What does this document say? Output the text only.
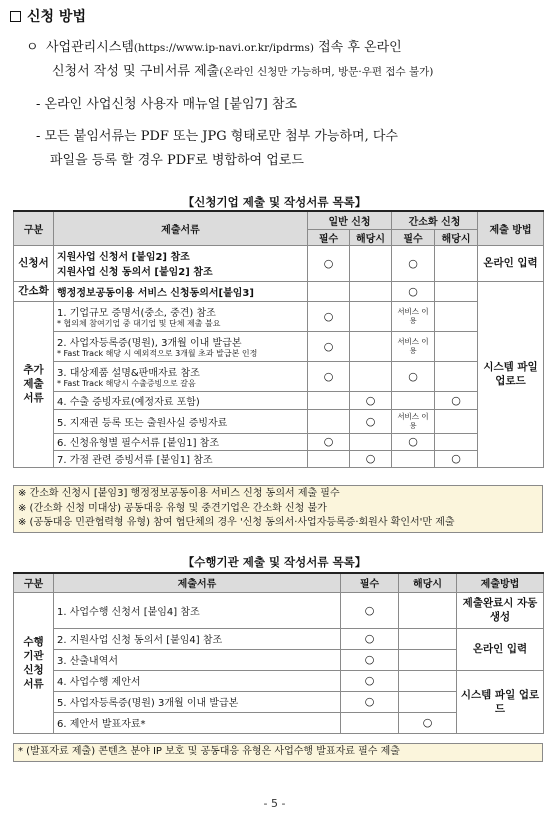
신청 방법
ㅇ 사업관리시스템(https://www.ip-navi.or.kr/ipdrms) 접속 후 온라인
신청서 작성 및 구비서류 제출(온라인 신청만 가능하며, 방문·우편 접수 불가)
- 온라인 사업신청 사용자 매뉴얼 [붙임7] 참조
- 모든 붙임서류는 PDF 또는 JPG 형태로만 첨부 가능하며, 다수
파일을 등록 할 경우 PDF로 병합하여 업로드
【신청기업 제출 및 작성서류 목록】
구분	제출서류	일반 신청		간소화 신청		제출 방법
		필수	해당시	필수	해당시	
신청서	지원사업 신청서 [붙임2] 참조
지원사업 신청 동의서 [붙임2] 참조	○		○		온라인 입력
간소화	행정정보공동이용 서비스 신청동의서[붙임3]			○		시스템 파일 업로드
추가 제출 서류	1. 기업규모 증명서(중소, 중견) 참조
* 협의체 참여기업 중 대기업 및 단체 제출 불요	○		서비스 이용		

	2. 사업자등록증(명원), 3개월 이내 발급본
* Fast Track 해당 시 예외적으로 3개월 초과 발급본 인정	○		서비스 이용		

	3. 대상제품 설명&판매자료 참조
* Fast Track 해당시 수출증빙으로 갈음	○		○		
	4. 수출 증빙자료(예정자료 포함)		○		○	
	5. 지재권 등록 또는 출원사실 증빙자료		○	서비스 이용		
	6. 신청유형별 필수서류 [붙임1] 참조	○		○		
	7. 가점 관련 증빙서류 [붙임1] 참조		○		○	
※ 간소화 신청시 [붙임3] 행정정보공동이용 서비스 신청 동의서 제출 필수
※ (간소화 신청 미대상) 공동대응 유형 및 중견기업은 간소화 신청 불가
※ (공동대응 민관협력형 유형) 참여 협단체의 경우 '신청 동의서·사업자등록증·회원사 확인서'만 제출
【수행기관 제출 및 작성서류 목록】
구분	제출서류	필수	해당시	제출방법
수행 기관 신청 서류	1. 사업수행 신청서 [붙임4] 참조	○		제출완료시 자동생성
	2. 지원사업 신청 동의서 [붙임4] 참조	○		온라인 입력
	3. 산출내역서	○		
	4. 사업수행 제안서	○		시스템 파일 업로드
	5. 사업자등록증(명원) 3개월 이내 발급본	○		
	6. 제안서 발표자료*		○	
* (발표자료 제출) 콘텐츠 분야 IP 보호 및 공동대응 유형은 사업수행 발표자료 필수 제출
- 5 -
